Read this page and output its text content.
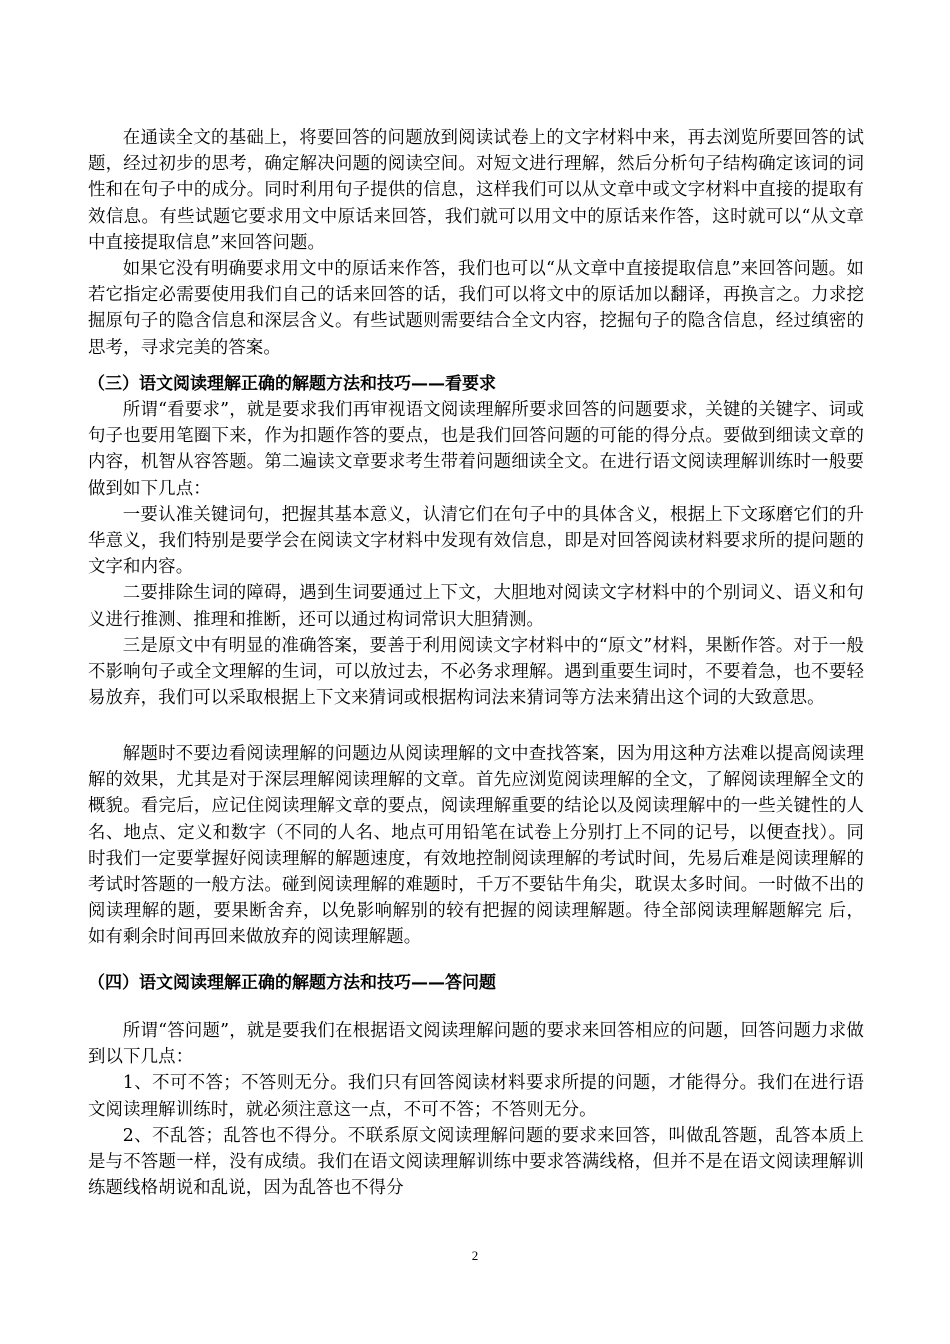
在通读全文的基础上，将要回答的问题放到阅读试卷上的文字材料中来，再去浏览所要回答的试题，经过初步的思考，确定解决问题的阅读空间。对短文进行理解，然后分析句子结构确定该词的词性和在句子中的成分。同时利用句子提供的信息，这样我们可以从文章中或文字材料中直接的提取有效信息。有些试题它要求用文中原话来回答，我们就可以用文中的原话来作答，这时就可以“从文章中直接提取信息”来回答问题。

如果它没有明确要求用文中的原话来作答，我们也可以“从文章中直接提取信息”来回答问题。如若它指定必需要使用我们自己的话来回答的话，我们可以将文中的原话加以翻译，再换言之。力求挖掘原句子的隐含信息和深层含义。有些试题则需要结合全文内容，挖掘句子的隐含信息，经过缜密的思考，寻求完美的答案。

（三）语文阅读理解正确的解题方法和技巧——看要求

所谓“看要求”，就是要求我们再审视语文阅读理解所要求回答的问题要求，关键的关键字、词或句子也要用笔圈下来，作为扣题作答的要点，也是我们回答问题的可能的得分点。要做到细读文章的内容，机智从容答题。第二遍读文章要求考生带着问题细读全文。在进行语文阅读理解训练时一般要做到如下几点：

一要认准关键词句，把握其基本意义，认清它们在句子中的具体含义，根据上下文琢磨它们的升华意义，我们特别是要学会在阅读文字材料中发现有效信息，即是对回答阅读材料要求所的提问题的文字和内容。

二要排除生词的障碍，遇到生词要通过上下文，大胆地对阅读文字材料中的个别词义、语义和句义进行推测、推理和推断，还可以通过构词常识大胆猜测。

三是原文中有明显的准确答案，要善于利用阅读文字材料中的“原文”材料，果断作答。对于一般不影响句子或全文理解的生词，可以放过去，不必务求理解。遇到重要生词时，不要着急，也不要轻易放弃，我们可以采取根据上下文来猜词或根据构词法来猜词等方法来猜出这个词的大致意思。

解题时不要边看阅读理解的问题边从阅读理解的文中查找答案，因为用这种方法难以提高阅读理解的效果，尤其是对于深层理解阅读理解的文章。首先应浏览阅读理解的全文，了解阅读理解全文的概貌。看完后，应记住阅读理解文章的要点，阅读理解重要的结论以及阅读理解中的一些关键性的人名、地点、定义和数字（不同的人名、地点可用铅笔在试卷上分别打上不同的记号，以便查找）。同时我们一定要掌握好阅读理解的解题速度，有效地控制阅读理解的考试时间，先易后难是阅读理解的考试时答题的一般方法。碰到阅读理解的难题时，千万不要钻牛角尖，耽误太多时间。一时做不出的阅读理解的题，要果断舍弃，以免影响解别的较有把握的阅读理解题。待全部阅读理解题解完 后，如有剩余时间再回来做放弃的阅读理解题。

（四）语文阅读理解正确的解题方法和技巧——答问题

所谓“答问题”，就是要我们在根据语文阅读理解问题的要求来回答相应的问题，回答问题力求做到以下几点：

1、不可不答；不答则无分。我们只有回答阅读材料要求所提的问题，才能得分。我们在进行语文阅读理解训练时，就必须注意这一点，不可不答；不答则无分。

2、不乱答；乱答也不得分。不联系原文阅读理解问题的要求来回答，叫做乱答题，乱答本质上是与不答题一样，没有成绩。我们在语文阅读理解训练中要求答满线格，但并不是在语文阅读理解训练题线格胡说和乱说，因为乱答也不得分

2
